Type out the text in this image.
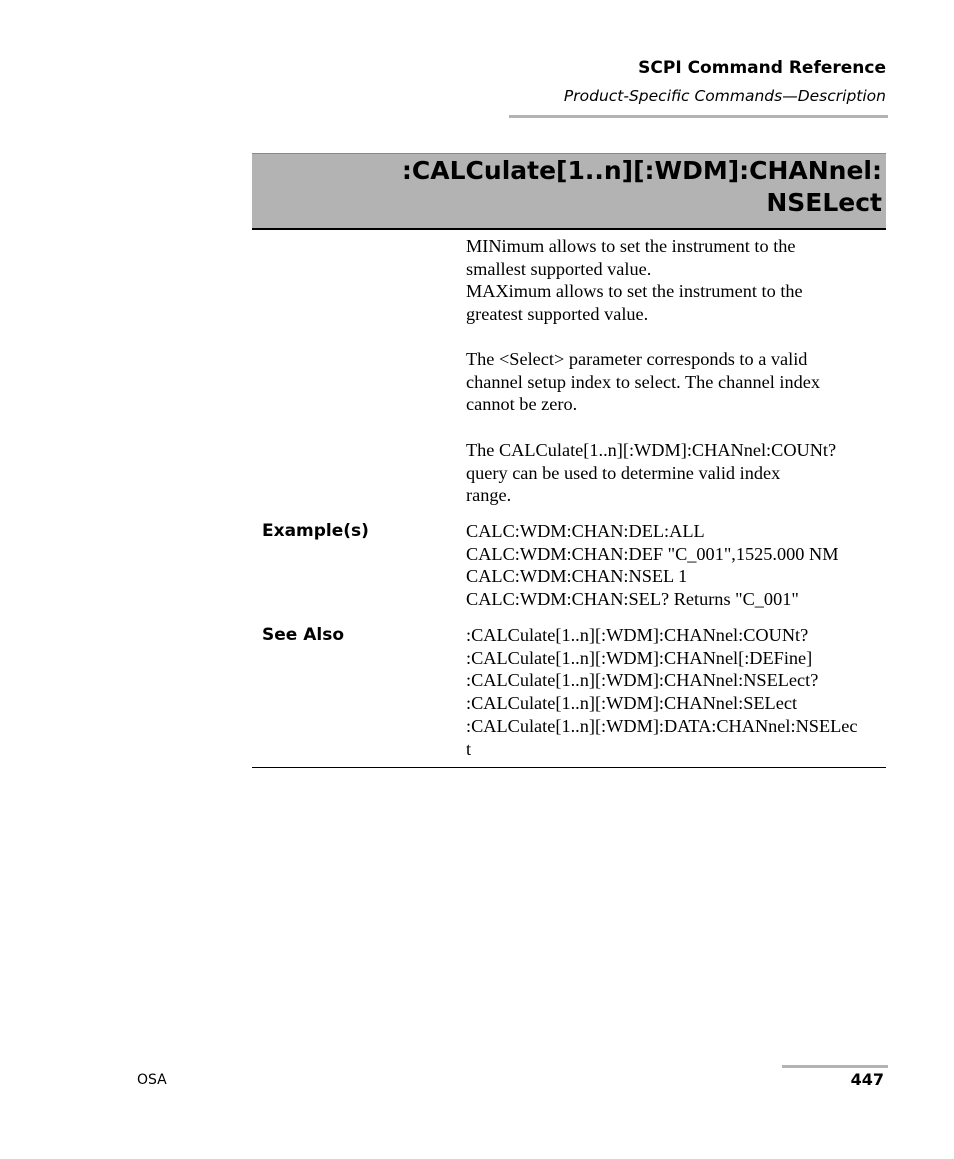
SCPI Command Reference
Product-Specific Commands—Description
:CALCulate[1..n][:WDM]:CHANnel:
NSELect
MINimum allows to set the instrument to the
smallest supported value.
MAXimum allows to set the instrument to the
greatest supported value.
The <Select> parameter corresponds to a valid
channel setup index to select. The channel index
cannot be zero.
The CALCulate[1..n][:WDM]:CHANnel:COUNt?
query can be used to determine valid index
range.
Example(s)	CALC:WDM:CHAN:DEL:ALL
CALC:WDM:CHAN:DEF "C_001",1525.000 NM
CALC:WDM:CHAN:NSEL 1
CALC:WDM:CHAN:SEL? Returns "C_001"
See Also	:CALCulate[1..n][:WDM]:CHANnel:COUNt?
:CALCulate[1..n][:WDM]:CHANnel[:DEFine]
:CALCulate[1..n][:WDM]:CHANnel:NSELect?
:CALCulate[1..n][:WDM]:CHANnel:SELect
:CALCulate[1..n][:WDM]:DATA:CHANnel:NSELec
t
OSA	447
